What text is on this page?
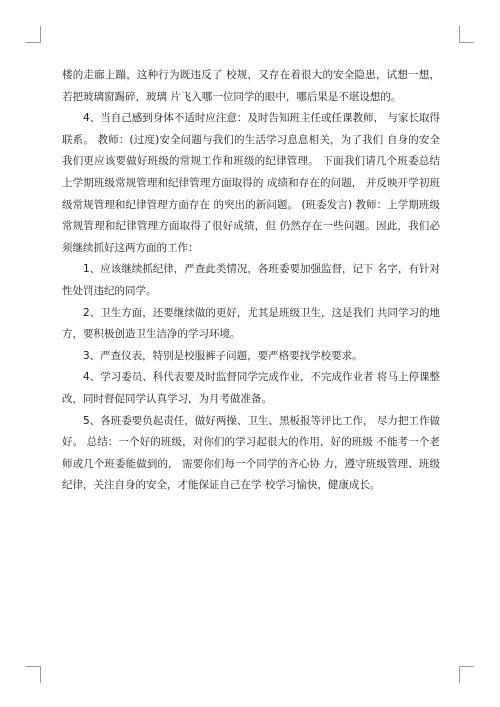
楼的走廊上蹦，这种行为既违反了 校规，又存在着很大的安全隐患，试想一想，若把玻璃窗踢碎，玻璃 片飞入哪一位同学的眼中，哪后果是不堪设想的。

4、当自己感到身体不适时应注意：及时告知班主任或任课教师， 与家长取得联系。 教师：(过度)安全问题与我们的生活学习息息相关，为了我们 自身的安全我们更应该要做好班级的常规工作和班级的纪律管理。 下面我们请几个班委总结上学期班级常规管理和纪律管理方面取得的 成绩和存在的问题， 并反映开学初班级常规管理和纪律管理方面存在 的突出的新问题。 (班委发言) 教师：上学期班级常规管理和纪律管理方面取得了很好成绩，但 仍然存在一些问题。因此，我们必须继续抓好这两方面的工作：

1、应该继续抓纪律，严查此类情况，各班委要加强监督，记下 名字，有针对性处罚违纪的同学。

2、卫生方面，还要继续做的更好，尤其是班级卫生，这是我们 共同学习的地方，要积极创造卫生洁净的学习环境。

3、严查仪表，特别是校服裤子问题，要严格要找学校要求。

4、学习委员、科代表要及时监督同学完成作业，不完成作业者 将马上停课整改，同时督促同学认真学习，为月考做准备。

5、各班委要负起责任，做好两操、卫生、黑板报等评比工作， 尽力把工作做好。 总结：一个好的班级，对你们的学习起很大的作用，好的班级 不能考一个老师或几个班委能做到的， 需要你们每一个同学的齐心协 力，遵守班级管理、班级纪律，关注自身的安全，才能保证自己在学 校学习愉快，健康成长。
